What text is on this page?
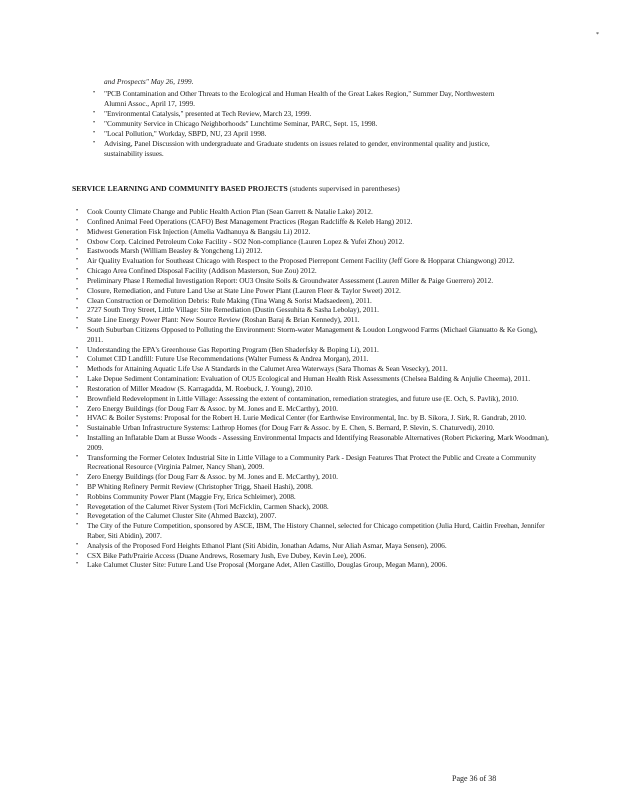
*
and Prospects" May 26, 1999.
• "PCB Contamination and Other Threats to the Ecological and Human Health of the Great Lakes Region," Summer Day, Northwestern Alumni Assoc., April 17, 1999.
• "Environmental Catalysis," presented at Tech Review, March 23, 1999.
• "Community Service in Chicago Neighborhoods" Lunchtime Seminar, PARC, Sept. 15, 1998.
• "Local Pollution," Workday, SBPD, NU, 23 April 1998.
• Advising, Panel Discussion with undergraduate and Graduate students on issues related to gender, environmental quality and justice, sustainability issues.
SERVICE LEARNING AND COMMUNITY BASED PROJECTS (students supervised in parentheses)
• Cook County Climate Change and Public Health Action Plan (Sean Garrett & Natalie Lake) 2012.
• Confined Animal Feed Operations (CAFO) Best Management Practices (Regan Radcliffe & Keleb Hang) 2012.
• Midwest Generation Fisk Injection (Amelia Vadhanuya & Bangsiu Li) 2012.
• Oxbow Corp. Calcined Petroleum Coke Facility - SO2 Non-compliance (Lauren Lopez & Yufei Zhou) 2012.
• Eastwoods Marsh (William Beasley & Yongcheng Li) 2012.
• Air Quality Evaluation for Southeast Chicago with Respect to the Proposed Pierrepont Cement Facility (Jeff Gore & Hopparat Chiangwong) 2012.
• Chicago Area Confined Disposal Facility (Addison Masterson, Sue Zou) 2012.
• Preliminary Phase I Remedial Investigation Report: OU3 Onsite Soils & Groundwater Assessment (Lauren Miller & Paige Guerrero) 2012.
• Closure, Remediation, and Future Land Use at State Line Power Plant (Lauren Fleer & Taylor Sweet) 2012.
• Clean Construction or Demolition Debris: Rule Making (Tina Wang & Sorist Madsaedeen), 2011.
• 2727 South Troy Street, Little Village: Site Remediation (Dustin Gessuhita & Sasha Lebolay), 2011.
• State Line Energy Power Plant: New Source Review (Roshan Baraj & Brian Kennedy), 2011.
• South Suburban Citizens Opposed to Polluting the Environment: Storm-water Management & Loudon Longwood Farms (Michael Gianuatto & Ke Gong), 2011.
• Understanding the EPA's Greenhouse Gas Reporting Program (Ben Shaderfsky & Boping Li), 2011.
• Columet CID Landfill: Future Use Recommendations (Walter Fumess & Andrea Morgan), 2011.
• Methods for Attaining Aquatic Life Use A Standards in the Calumet Area Waterways (Sara Thomas & Sean Vesecky), 2011.
• Lake Depue Sediment Contamination: Evaluation of OU5 Ecological and Human Health Risk Assessments (Chelsea Balding & Anjulie Cheema), 2011.
• Restoration of Miller Meadow (S. Karragadda, M. Roebuck, J. Young), 2010.
• Brownfield Redevelopment in Little Village: Assessing the extent of contamination, remediation strategies, and future use (E. Och, S. Pavlik), 2010.
• Zero Energy Buildings (for Doug Farr & Assoc. by M. Jones and E. McCarthy), 2010.
• HVAC & Boiler Systems: Proposal for the Robert H. Lurie Medical Center (for Earthwise Environmental, Inc. by B. Sikora, J. Sirk, R. Gandrab, 2010.
• Sustainable Urban Infrastructure Systems: Lathrop Homes (for Doug Farr & Assoc. by E. Chen, S. Bernard, P. Slevin, S. Chaturvedi), 2010.
• Installing an Inflatable Dam at Busse Woods - Assessing Environmental Impacts and Identifying Reasonable Alternatives (Robert Pickering, Mark Woodman), 2009.
• Transforming the Former Celotex Industrial Site in Little Village to a Community Park - Design Features That Protect the Public and Create a Community Recreational Resource (Virginia Palmer, Nancy Shan), 2009.
• Zero Energy Buildings (for Doug Farr & Assoc. by M. Jones and E. McCarthy), 2010.
• BP Whiting Refinery Permit Review (Christopher Trigg, Shaeil Hashi), 2008.
• Robbins Community Power Plant (Maggie Fry, Erica Schleimer), 2008.
• Revegetation of the Calumet River System (Tori McFicklin, Carmen Shack), 2008.
• Revegetation of the Calumet Cluster Site (Ahmed Bazckt), 2007.
• The City of the Future Competition, sponsored by ASCE, IBM, The History Channel, selected for Chicago competition (Julia Hurd, Caitlin Freehan, Jennifer Raber, Siti Abidin), 2007.
• Analysis of the Proposed Ford Heights Ethanol Plant (Siti Abidin, Jonathan Adams, Nur Aliah Asmar, Maya Sensen), 2006.
• CSX Bike Path/Prairie Access (Duane Andrews, Rosemary Jush, Eve Dubey, Kevin Lee), 2006.
• Lake Calumet Cluster Site: Future Land Use Proposal (Morgane Adet, Allen Castillo, Douglas Group, Megan Mann), 2006.
Page 36 of 38
